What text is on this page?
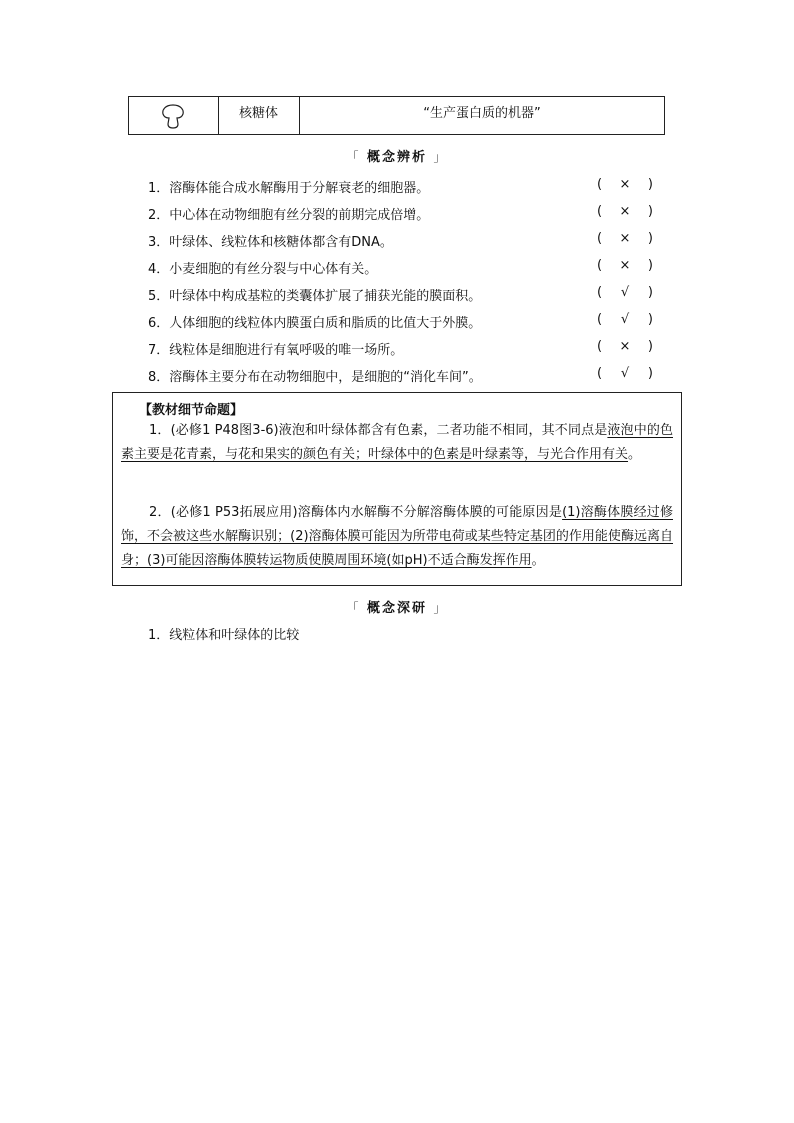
核糖体	“生产蛋白质的机器”
「 概念辨析 」
1．溶酶体能合成水解酶用于分解衰老的细胞器。	( × )
2．中心体在动物细胞有丝分裂的前期完成倍增。	( × )
3．叶绿体、线粒体和核糖体都含有DNA。	( × )
4．小麦细胞的有丝分裂与中心体有关。	( × )
5．叶绿体中构成基粒的类囊体扩展了捕获光能的膜面积。	( √ )
6．人体细胞的线粒体内膜蛋白质和脂质的比值大于外膜。	( √ )
7．线粒体是细胞进行有氧呼吸的唯一场所。	( × )
8．溶酶体主要分布在动物细胞中，是细胞的“消化车间”。	( √ )
【教材细节命题】
1．(必修1 P48图3-6)液泡和叶绿体都含有色素，二者功能不相同，其不同点是液泡中的色素主要是花青素，与花和果实的颜色有关；叶绿体中的色素是叶绿素等，与光合作用有关。
2．(必修1 P53拓展应用)溶酶体内水解酶不分解溶酶体膜的可能原因是(1)溶酶体膜经过修饰，不会被这些水解酶识别；(2)溶酶体膜可能因为所带电荷或某些特定基团的作用能使酶远离自身；(3)可能因溶酶体膜转运物质使膜周围环境(如pH)不适合酶发挥作用。
「 概念深研 」
1．线粒体和叶绿体的比较
